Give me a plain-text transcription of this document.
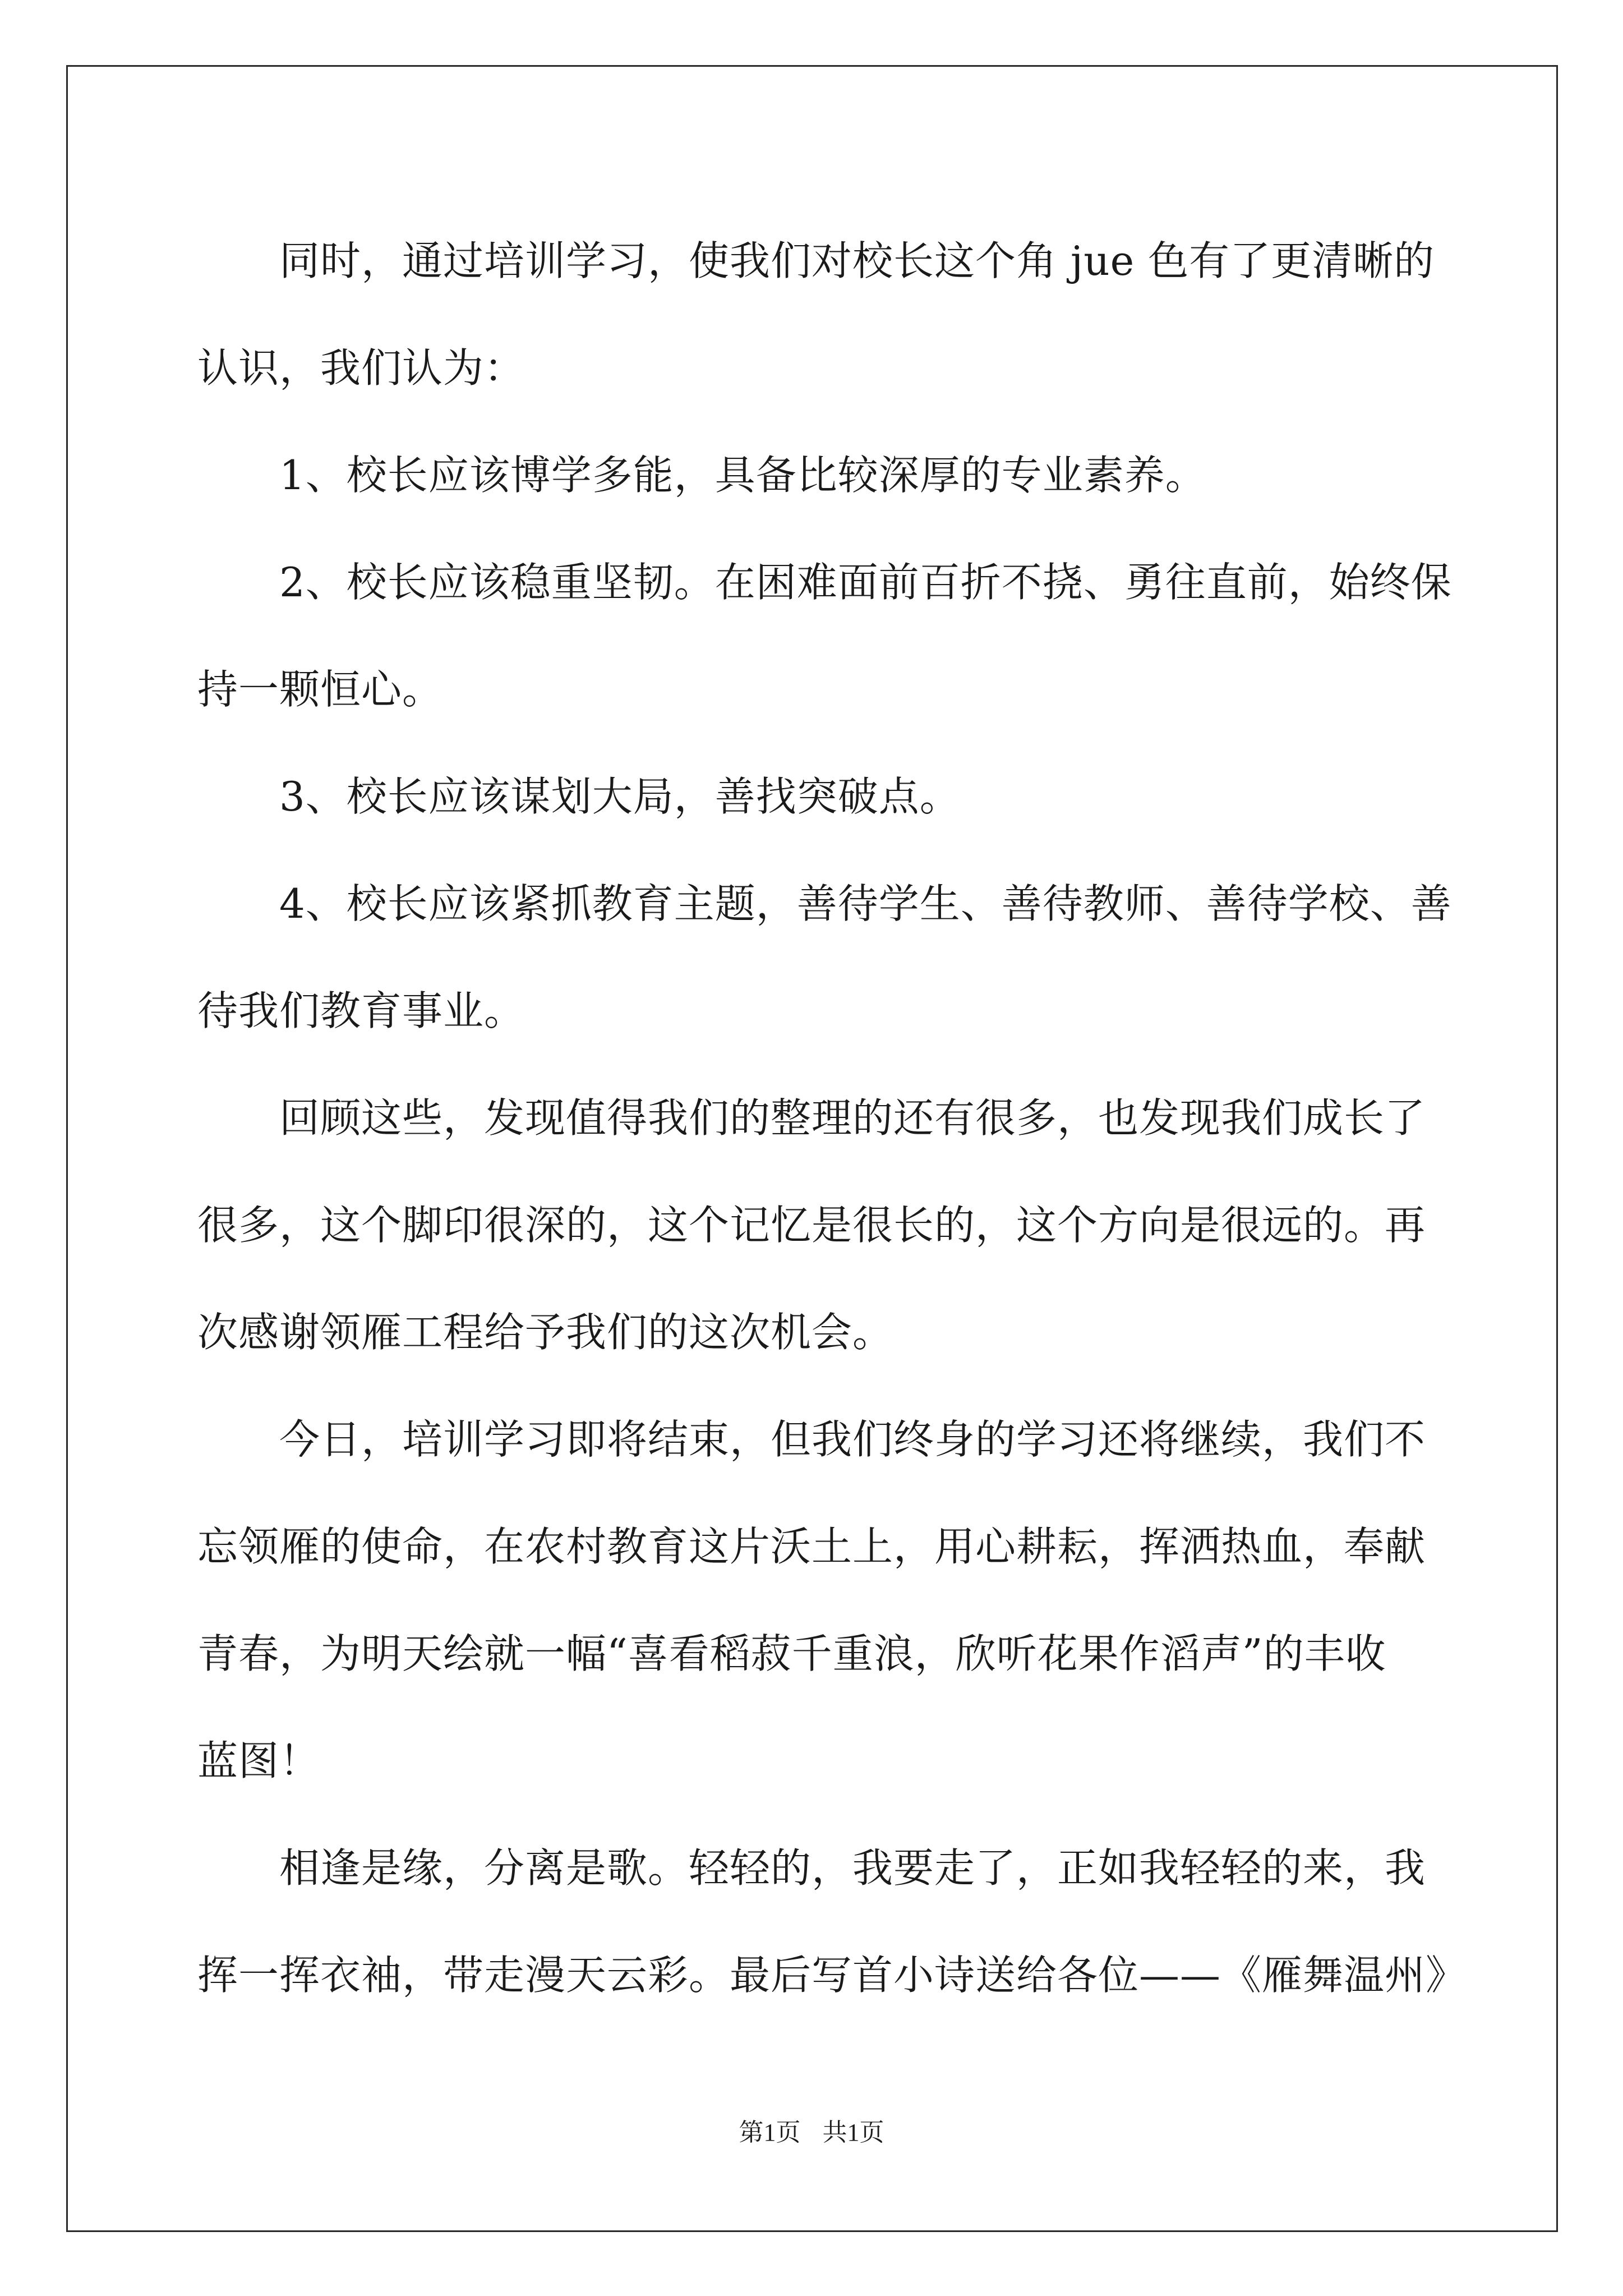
同时，通过培训学习，使我们对校长这个角 jue 色有了更清晰的
认识，我们认为：

1、校长应该博学多能，具备比较深厚的专业素养。

2、校长应该稳重坚韧。在困难面前百折不挠、勇往直前，始终保
持一颗恒心。

3、校长应该谋划大局，善找突破点。

4、校长应该紧抓教育主题，善待学生、善待教师、善待学校、善
待我们教育事业。

回顾这些，发现值得我们的整理的还有很多，也发现我们成长了
很多，这个脚印很深的，这个记忆是很长的，这个方向是很远的。再
次感谢领雁工程给予我们的这次机会。

今日，培训学习即将结束，但我们终身的学习还将继续，我们不
忘领雁的使命，在农村教育这片沃土上，用心耕耘，挥洒热血，奉献
青春，为明天绘就一幅“喜看稻菽千重浪，欣听花果作滔声”的丰收
蓝图！

相逢是缘，分离是歌。轻轻的，我要走了，正如我轻轻的来，我
挥一挥衣袖，带走漫天云彩。最后写首小诗送给各位——《雁舞温州》

第1页 共1页
